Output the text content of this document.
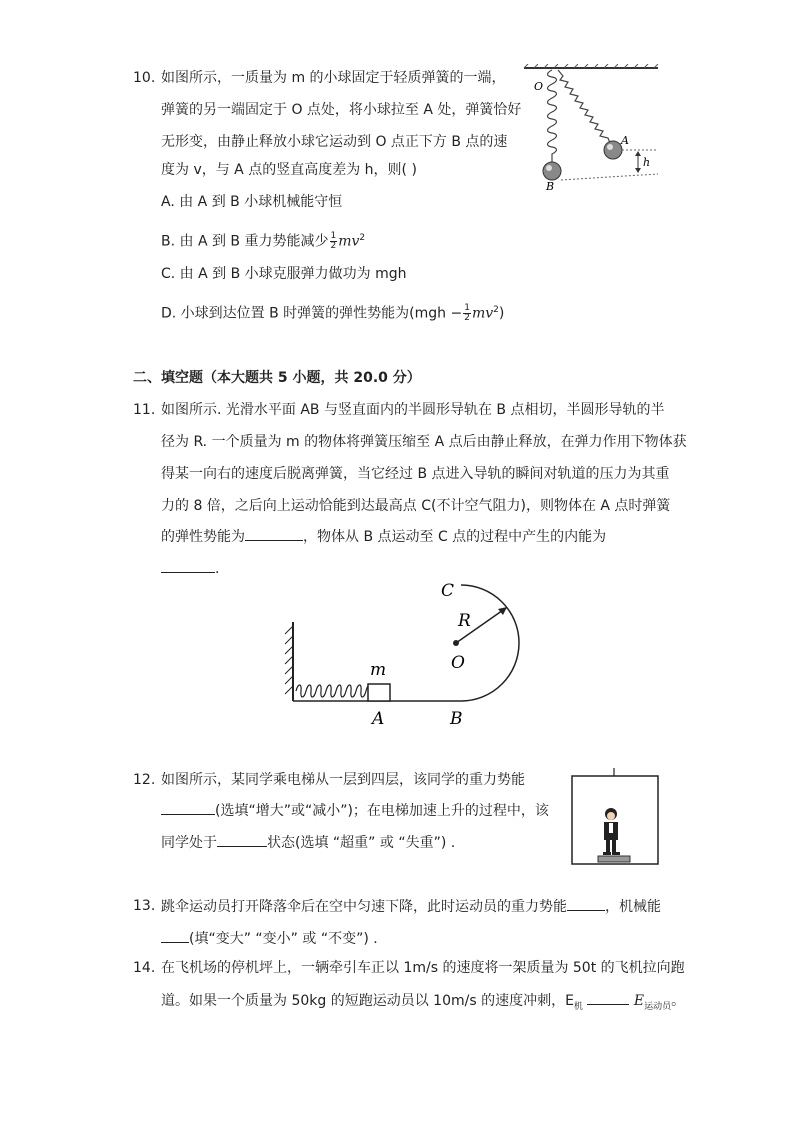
10. 如图所示，一质量为 m 的小球固定于轻质弹簧的一端，
弹簧的另一端固定于 O 点处，将小球拉至 A 处，弹簧恰好
无形变，由静止释放小球它运动到 O 点正下方 B 点的速
度为 v，与 A 点的竖直高度差为 h，则( )
A. 由 A 到 B 小球机械能守恒
B. 由 A 到 B 重力势能减少 $\frac{1}{2} mv^2$
C. 由 A 到 B 小球克服弹力做功为 mgh
D. 小球到达位置 B 时弹簧的弹性势能为$(mgh - \frac{1}{2} mv^2)$
O
A
B
h
二、填空题（本大题共 5 小题，共 20.0 分）
11. 如图所示. 光滑水平面 AB 与竖直面内的半圆形导轨在 B 点相切，半圆形导轨的半
径为 R. 一个质量为 m 的物体将弹簧压缩至 A 点后由静止释放，在弹力作用下物体获
得某一向右的速度后脱离弹簧，当它经过 B 点进入导轨的瞬间对轨道的压力为其重
力的 8 倍，之后向上运动恰能到达最高点 C(不计空气阻力)，则物体在 A 点时弹簧
的弹性势能为	，物体从 B 点运动至 C 点的过程中产生的内能为
.
C
R
O
m
A	B
12. 如图所示，某同学乘电梯从一层到四层，该同学的重力势能
(选填“增大”或“减小”)；在电梯加速上升的过程中，该
同学处于	状态(选填 “超重” 或 “失重”) .
13. 跳伞运动员打开降落伞后在空中匀速下降，此时运动员的重力势能	，机械能
(填“变大” “变小” 或 “不变”) .
14. 在飞机场的停机坪上，一辆牵引车正以 1m/s 的速度将一架质量为 50t 的飞机拉向跑
道。如果一个质量为 50kg 的短跑运动员以 10m/s 的速度冲刺，$E_机$	$E_{运动员}$。
